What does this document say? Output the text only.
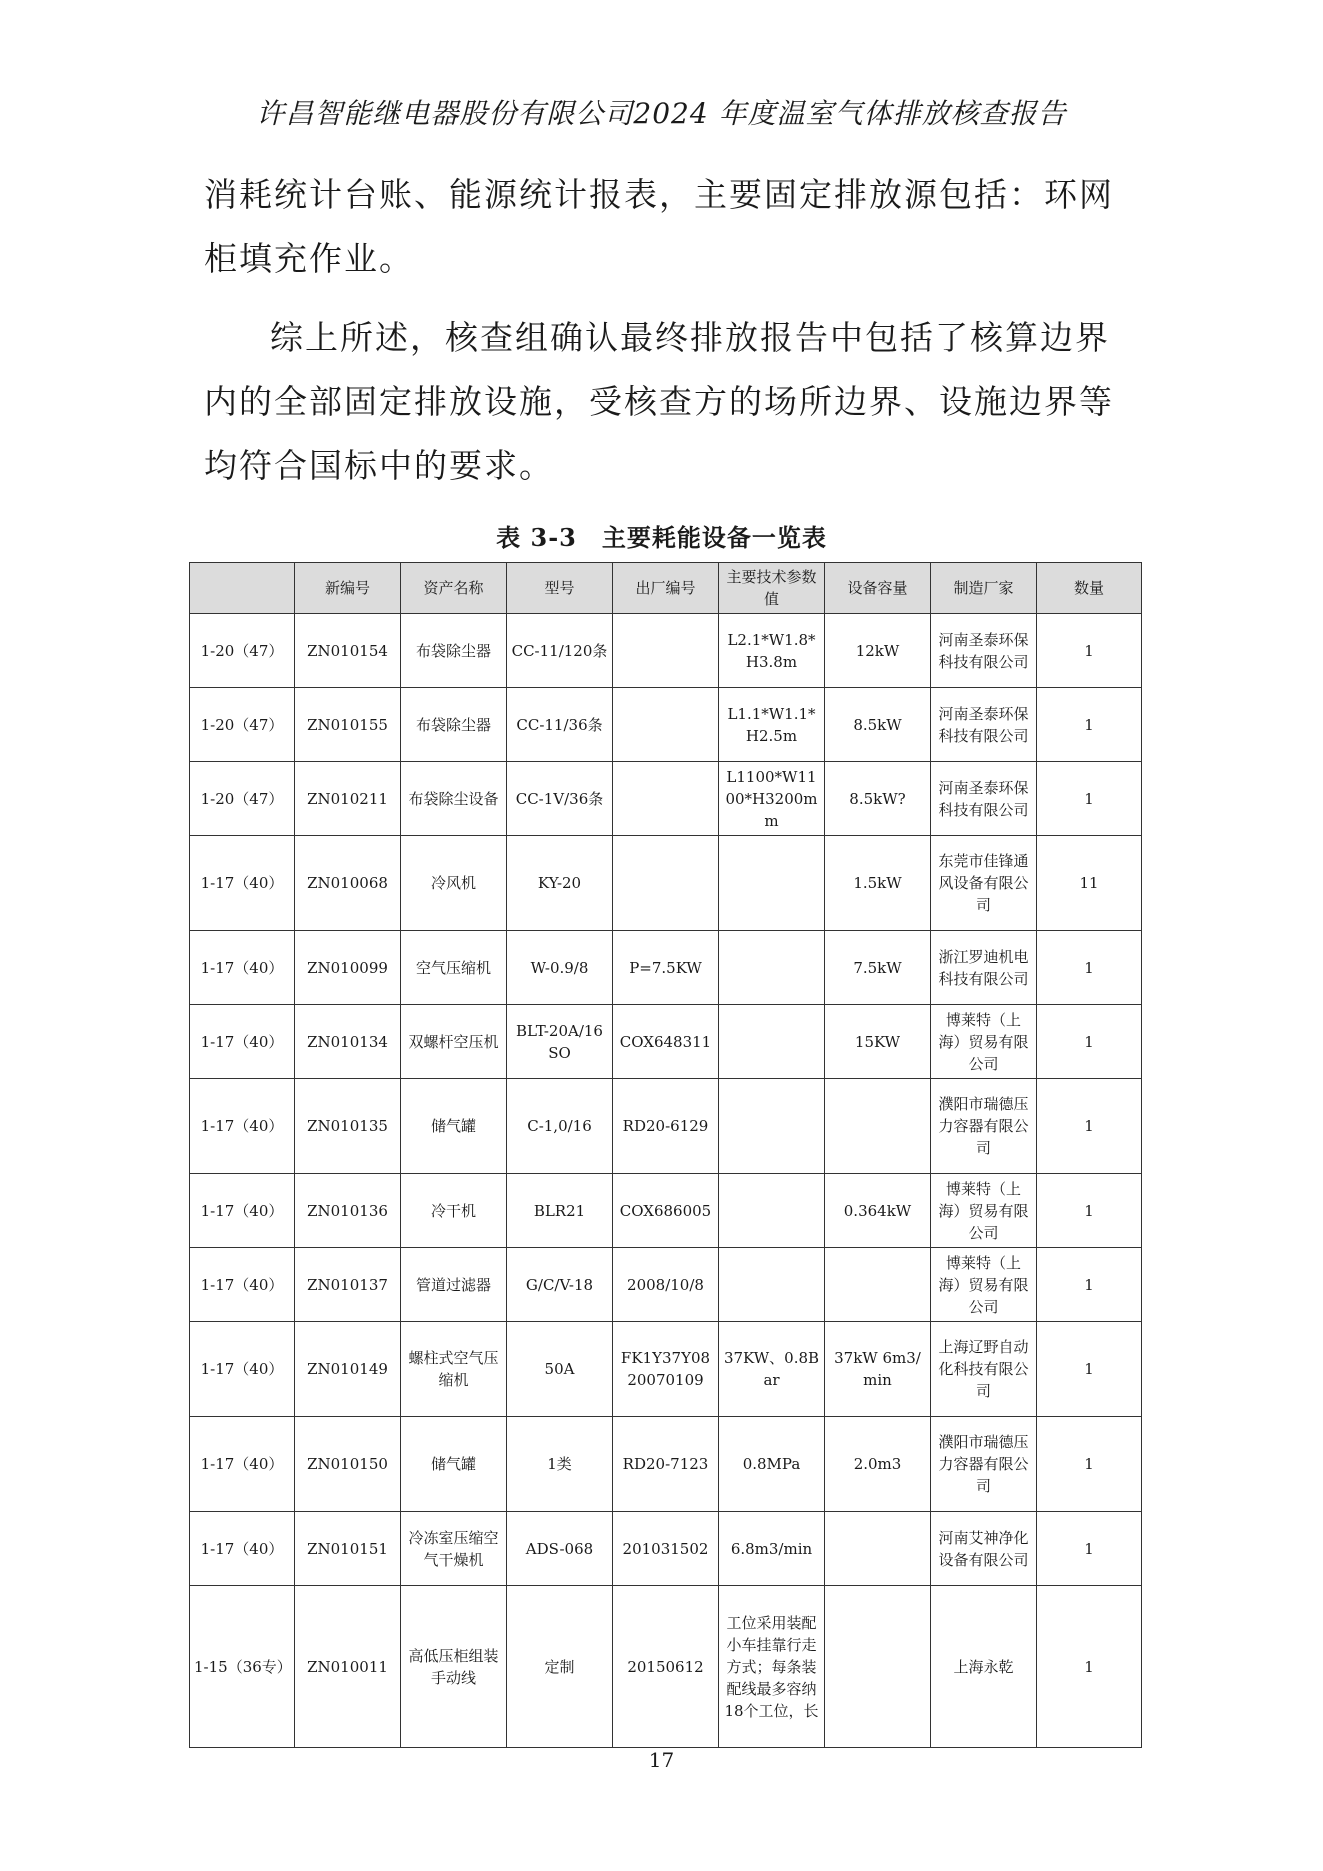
许昌智能继电器股份有限公司2024 年度温室气体排放核查报告

消耗统计台账、能源统计报表，主要固定排放源包括：环网柜填充作业。

综上所述，核查组确认最终排放报告中包括了核算边界内的全部固定排放设施，受核查方的场所边界、设施边界等均符合国标中的要求。

表 3-3　主要耗能设备一览表
	新编号	资产名称	型号	出厂编号	主要技术参数值	设备容量	制造厂家	数量
1-20（47）	ZN010154	布袋除尘器	CC-11/120条		L2.1*W1.8*H3.8m	12kW	河南圣泰环保科技有限公司	1
1-20（47）	ZN010155	布袋除尘器	CC-11/36条		L1.1*W1.1*H2.5m	8.5kW	河南圣泰环保科技有限公司	1
1-20（47）	ZN010211	布袋除尘设备	CC-1V/36条		L1100*W1100*H3200mm	8.5kW?	河南圣泰环保科技有限公司	1
1-17（40）	ZN010068	冷风机	KY-20			1.5kW	东莞市佳锋通风设备有限公司	11
1-17（40）	ZN010099	空气压缩机	W-0.9/8	P=7.5KW		7.5kW	浙江罗迪机电科技有限公司	1
1-17（40）	ZN010134	双螺杆空压机	BLT-20A/16 SO	COX648311		15KW	博莱特（上海）贸易有限公司	1
1-17（40）	ZN010135	储气罐	C-1,0/16	RD20-6129			濮阳市瑞德压力容器有限公司	1
1-17（40）	ZN010136	冷干机	BLR21	COX686005		0.364kW	博莱特（上海）贸易有限公司	1
1-17（40）	ZN010137	管道过滤器	G/C/V-18	2008/10/8			博莱特（上海）贸易有限公司	1
1-17（40）	ZN010149	螺柱式空气压缩机	50A	FK1Y37Y0820070109	37KW、0.8Bar	37kW 6m3/min	上海辽野自动化科技有限公司	1
1-17（40）	ZN010150	储气罐	1类	RD20-7123	0.8MPa	2.0m3	濮阳市瑞德压力容器有限公司	1
1-17（40）	ZN010151	冷冻室压缩空气干燥机	ADS-068	201031502	6.8m3/min		河南艾神净化设备有限公司	1
1-15（36专）	ZN010011	高低压柜组装手动线	定制	20150612	工位采用装配小车挂靠行走方式；每条装配线最多容纳18个工位，长		上海永乾	1
17
